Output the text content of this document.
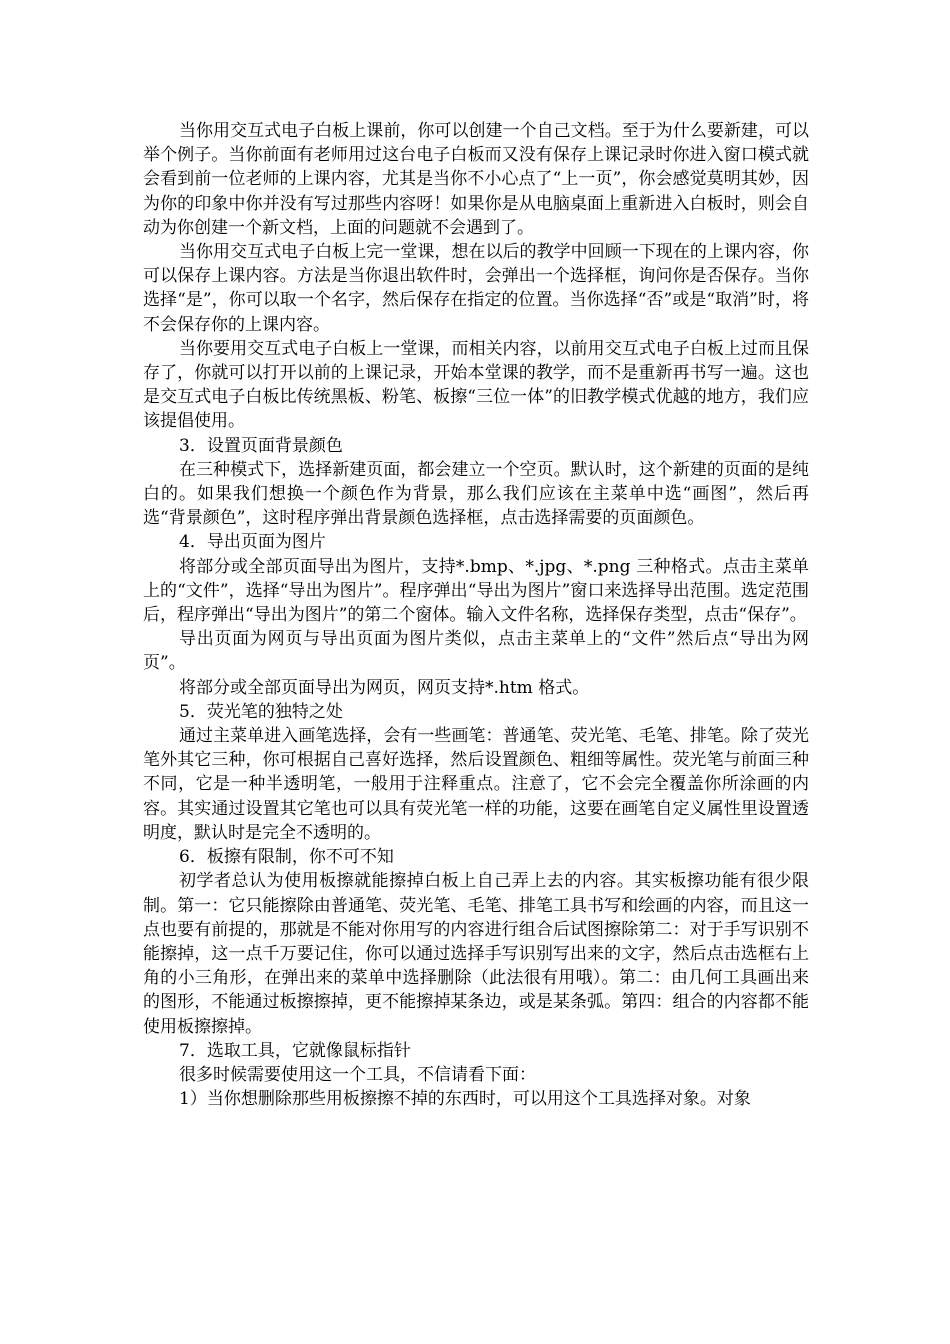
当你用交互式电子白板上课前，你可以创建一个自己文档。至于为什么要新建，可以举个例子。当你前面有老师用过这台电子白板而又没有保存上课记录时你进入窗口模式就会看到前一位老师的上课内容，尤其是当你不小心点了“上一页”，你会感觉莫明其妙，因为你的印象中你并没有写过那些内容呀！如果你是从电脑桌面上重新进入白板时，则会自动为你创建一个新文档，上面的问题就不会遇到了。

当你用交互式电子白板上完一堂课，想在以后的教学中回顾一下现在的上课内容，你可以保存上课内容。方法是当你退出软件时，会弹出一个选择框，询问你是否保存。当你选择“是”，你可以取一个名字，然后保存在指定的位置。当你选择“否”或是“取消”时，将不会保存你的上课内容。

当你要用交互式电子白板上一堂课，而相关内容，以前用交互式电子白板上过而且保存了，你就可以打开以前的上课记录，开始本堂课的教学，而不是重新再书写一遍。这也是交互式电子白板比传统黑板、粉笔、板擦“三位一体”的旧教学模式优越的地方，我们应该提倡使用。

3．设置页面背景颜色

在三种模式下，选择新建页面，都会建立一个空页。默认时，这个新建的页面的是纯白的。如果我们想换一个颜色作为背景，那么我们应该在主菜单中选“画图”，然后再选“背景颜色”，这时程序弹出背景颜色选择框，点击选择需要的页面颜色。

4．导出页面为图片

将部分或全部页面导出为图片，支持*.bmp、*.jpg、*.png 三种格式。点击主菜单上的“文件”，选择“导出为图片”。程序弹出“导出为图片”窗口来选择导出范围。选定范围后，程序弹出“导出为图片”的第二个窗体。输入文件名称，选择保存类型，点击“保存”。

导出页面为网页与导出页面为图片类似，点击主菜单上的“文件”然后点“导出为网页”。

将部分或全部页面导出为网页，网页支持*.htm 格式。

5．荧光笔的独特之处

通过主菜单进入画笔选择，会有一些画笔：普通笔、荧光笔、毛笔、排笔。除了荧光笔外其它三种，你可根据自己喜好选择，然后设置颜色、粗细等属性。荧光笔与前面三种不同，它是一种半透明笔，一般用于注释重点。注意了，它不会完全覆盖你所涂画的内容。其实通过设置其它笔也可以具有荧光笔一样的功能，这要在画笔自定义属性里设置透明度，默认时是完全不透明的。

6．板擦有限制，你不可不知

初学者总认为使用板擦就能擦掉白板上自己弄上去的内容。其实板擦功能有很少限制。第一：它只能擦除由普通笔、荧光笔、毛笔、排笔工具书写和绘画的内容，而且这一点也要有前提的，那就是不能对你用写的内容进行组合后试图擦除第二：对于手写识别不能擦掉，这一点千万要记住，你可以通过选择手写识别写出来的文字，然后点击选框右上角的小三角形，在弹出来的菜单中选择删除（此法很有用哦）。第二：由几何工具画出来的图形，不能通过板擦擦掉，更不能擦掉某条边，或是某条弧。第四：组合的内容都不能使用板擦擦掉。

7．选取工具，它就像鼠标指针

很多时候需要使用这一个工具，不信请看下面：

1）当你想删除那些用板擦擦不掉的东西时，可以用这个工具选择对象。对象
